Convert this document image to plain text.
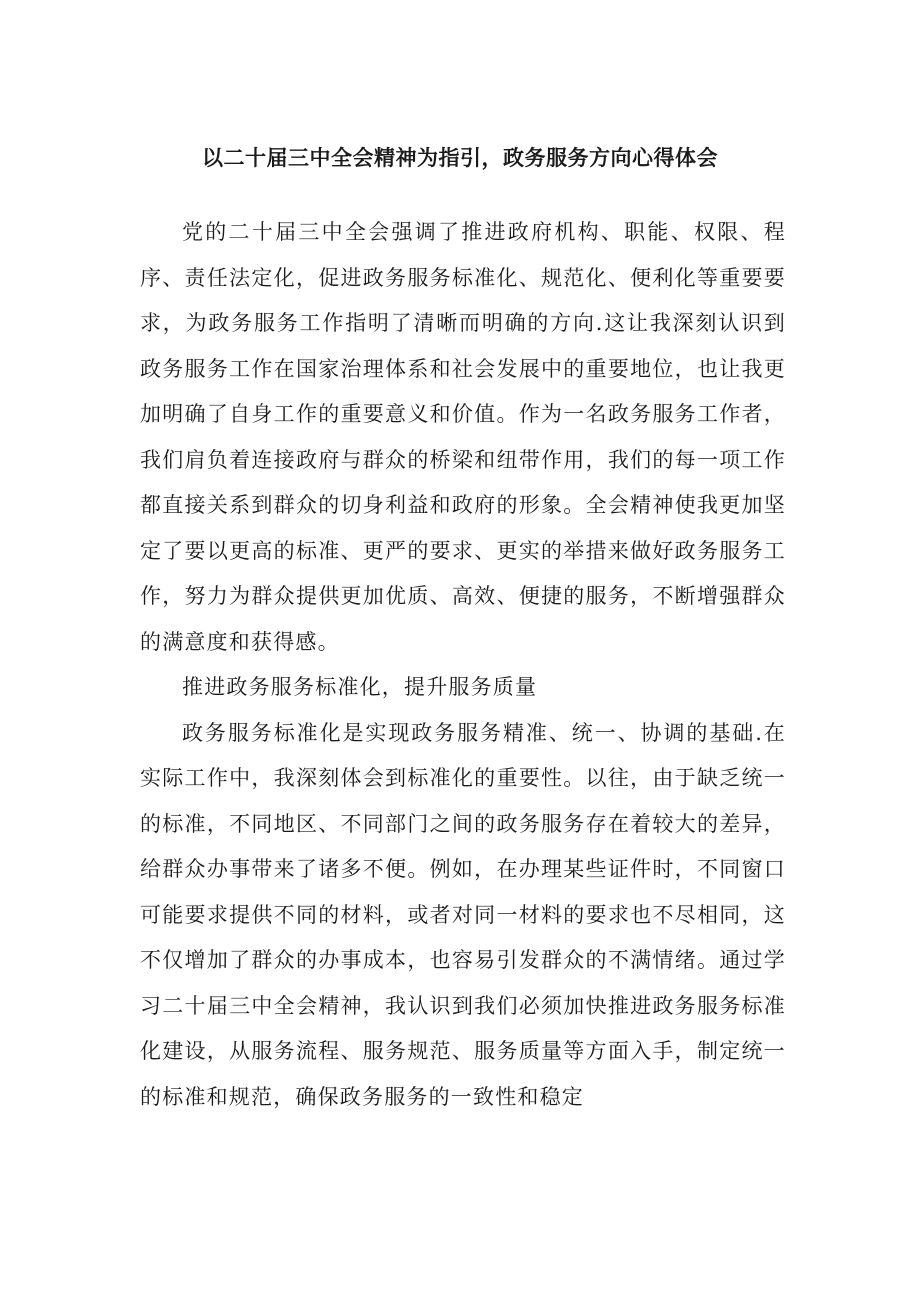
以二十届三中全会精神为指引，政务服务方向心得体会

党的二十届三中全会强调了推进政府机构、职能、权限、程序、责任法定化，促进政务服务标准化、规范化、便利化等重要要求，为政务服务工作指明了清晰而明确的方向.这让我深刻认识到政务服务工作在国家治理体系和社会发展中的重要地位，也让我更加明确了自身工作的重要意义和价值。作为一名政务服务工作者，我们肩负着连接政府与群众的桥梁和纽带作用，我们的每一项工作都直接关系到群众的切身利益和政府的形象。全会精神使我更加坚定了要以更高的标准、更严的要求、更实的举措来做好政务服务工作，努力为群众提供更加优质、高效、便捷的服务，不断增强群众的满意度和获得感。

推进政务服务标准化，提升服务质量

政务服务标准化是实现政务服务精准、统一、协调的基础.在实际工作中，我深刻体会到标准化的重要性。以往，由于缺乏统一的标准，不同地区、不同部门之间的政务服务存在着较大的差异，给群众办事带来了诸多不便。例如，在办理某些证件时，不同窗口可能要求提供不同的材料，或者对同一材料的要求也不尽相同，这不仅增加了群众的办事成本，也容易引发群众的不满情绪。通过学习二十届三中全会精神，我认识到我们必须加快推进政务服务标准化建设，从服务流程、服务规范、服务质量等方面入手，制定统一的标准和规范，确保政务服务的一致性和稳定
